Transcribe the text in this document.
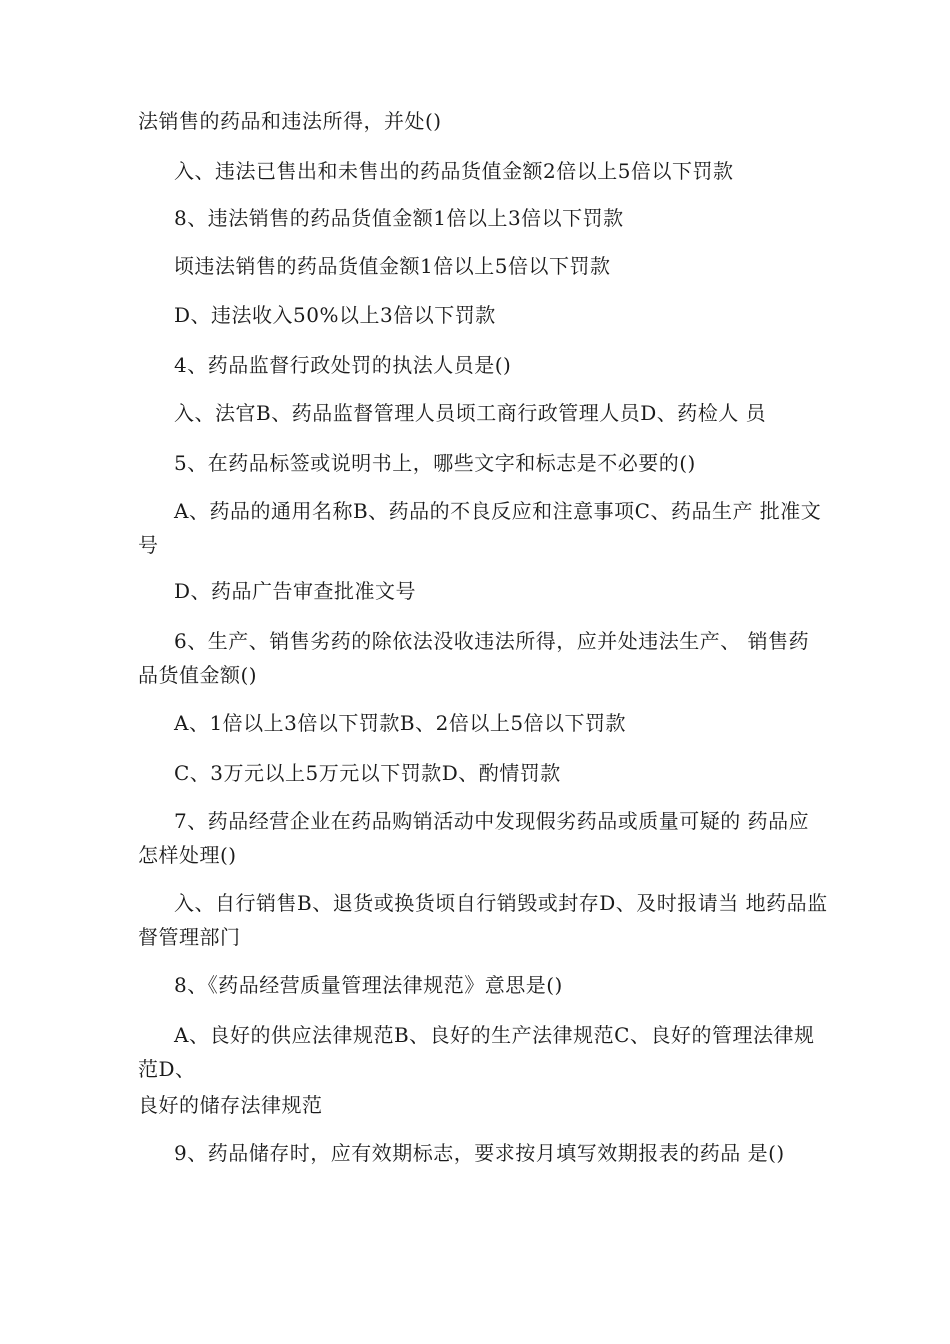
法销售的药品和违法所得，并处()
入、违法已售出和未售出的药品货值金额2倍以上5倍以下罚款
8、违法销售的药品货值金额1倍以上3倍以下罚款
顷违法销售的药品货值金额1倍以上5倍以下罚款
D、违法收入50%以上3倍以下罚款
4、药品监督行政处罚的执法人员是()
入、法官B、药品监督管理人员顷工商行政管理人员D、药检人 员
5、在药品标签或说明书上，哪些文字和标志是不必要的()
A、药品的通用名称B、药品的不良反应和注意事项C、药品生产 批准文号
D、药品广告审查批准文号
6、生产、销售劣药的除依法没收违法所得，应并处违法生产、 销售药品货值金额()
A、1倍以上3倍以下罚款B、2倍以上5倍以下罚款
C、3万元以上5万元以下罚款D、酌情罚款
7、药品经营企业在药品购销活动中发现假劣药品或质量可疑的 药品应怎样处理()
入、自行销售B、退货或换货顷自行销毁或封存D、及时报请当 地药品监督管理部门
8、《药品经营质量管理法律规范》意思是()
A、良好的供应法律规范B、良好的生产法律规范C、良好的管理法律规范D、
良好的储存法律规范
9、药品储存时，应有效期标志，要求按月填写效期报表的药品 是()
